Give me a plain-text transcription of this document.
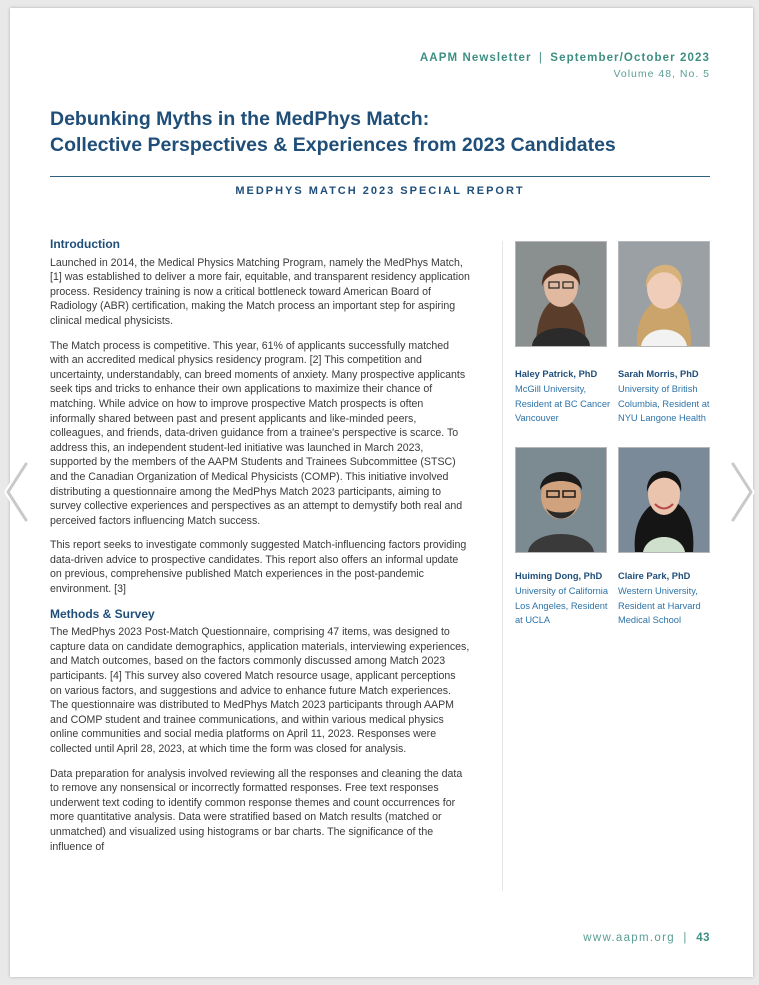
AAPM Newsletter | September/October 2023
Volume 48, No. 5
Debunking Myths in the MedPhys Match:
Collective Perspectives & Experiences from 2023 Candidates
MEDPHYS MATCH 2023 SPECIAL REPORT
Introduction

Launched in 2014, the Medical Physics Matching Program, namely the MedPhys Match, [1] was established to deliver a more fair, equitable, and transparent residency application process. Residency training is now a critical bottleneck toward American Board of Radiology (ABR) certification, making the Match process an important step for aspiring clinical medical physicists.

The Match process is competitive. This year, 61% of applicants successfully matched with an accredited medical physics residency program. [2] This competition and uncertainty, understandably, can breed moments of anxiety. Many prospective applicants seek tips and tricks to enhance their own applications to maximize their chance of matching. While advice on how to improve prospective Match prospects is often informally shared between past and present applicants and like-minded peers, colleagues, and friends, data-driven guidance from a trainee's perspective is scarce. To address this, an independent student-led initiative was launched in March 2023, supported by the members of the AAPM Students and Trainees Subcommittee (STSC) and the Canadian Organization of Medical Physicists (COMP). This initiative involved distributing a questionnaire among the MedPhys Match 2023 participants, aiming to survey collective experiences and perspectives as an attempt to demystify both real and perceived factors influencing Match success.

This report seeks to investigate commonly suggested Match-influencing factors providing data-driven advice to prospective candidates. This report also offers an informal update on previous, comprehensive published Match experiences in the post-pandemic environment. [3]

Methods & Survey

The MedPhys 2023 Post-Match Questionnaire, comprising 47 items, was designed to capture data on candidate demographics, application materials, interviewing experiences, and Match outcomes, based on the factors commonly discussed among Match 2023 participants. [4] This survey also covered Match resource usage, applicant perceptions on various factors, and suggestions and advice to enhance future Match experiences. The questionnaire was distributed to MedPhys Match 2023 participants through AAPM and COMP student and trainee communications, and within various medical physics online communities and social media platforms on April 11, 2023. Responses were collected until April 28, 2023, at which time the form was closed for analysis.

Data preparation for analysis involved reviewing all the responses and cleaning the data to remove any nonsensical or incorrectly formatted responses. Free text responses underwent text coding to identify common response themes and count occurrences for more quantitative analysis. Data were stratified based on Match results (matched or unmatched) and visualized using histograms or bar charts. The significance of the influence of

Haley Patrick, PhD
McGill University, Resident at BC Cancer Vancouver
Sarah Morris, PhD
University of British Columbia, Resident at NYU Langone Health
Huiming Dong, PhD
University of California Los Angeles, Resident at UCLA
Claire Park, PhD
Western University, Resident at Harvard Medical School
www.aapm.org | 43
